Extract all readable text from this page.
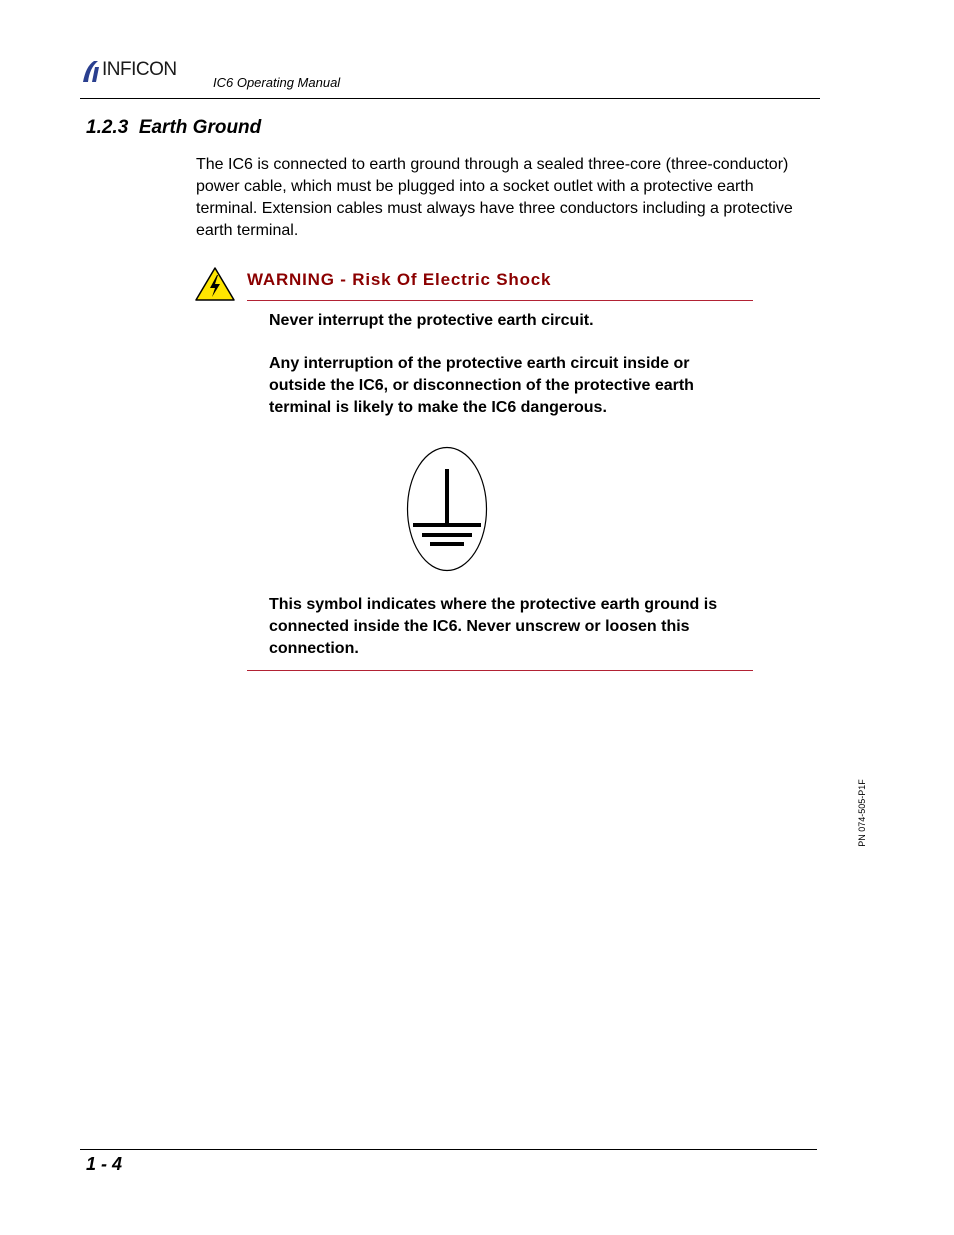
INFICON
IC6 Operating Manual
1.2.3  Earth Ground
The IC6 is connected to earth ground through a sealed three-core (three-conductor) power cable, which must be plugged into a socket outlet with a protective earth terminal. Extension cables must always have three conductors including a protective earth terminal.
WARNING - Risk Of Electric Shock
Never interrupt the protective earth circuit.
Any interruption of the protective earth circuit inside or outside the IC6, or disconnection of the protective earth terminal is likely to make the IC6 dangerous.
This symbol indicates where the protective earth ground is connected inside the IC6. Never unscrew or loosen this connection.
PN 074-505-P1F
1 - 4
